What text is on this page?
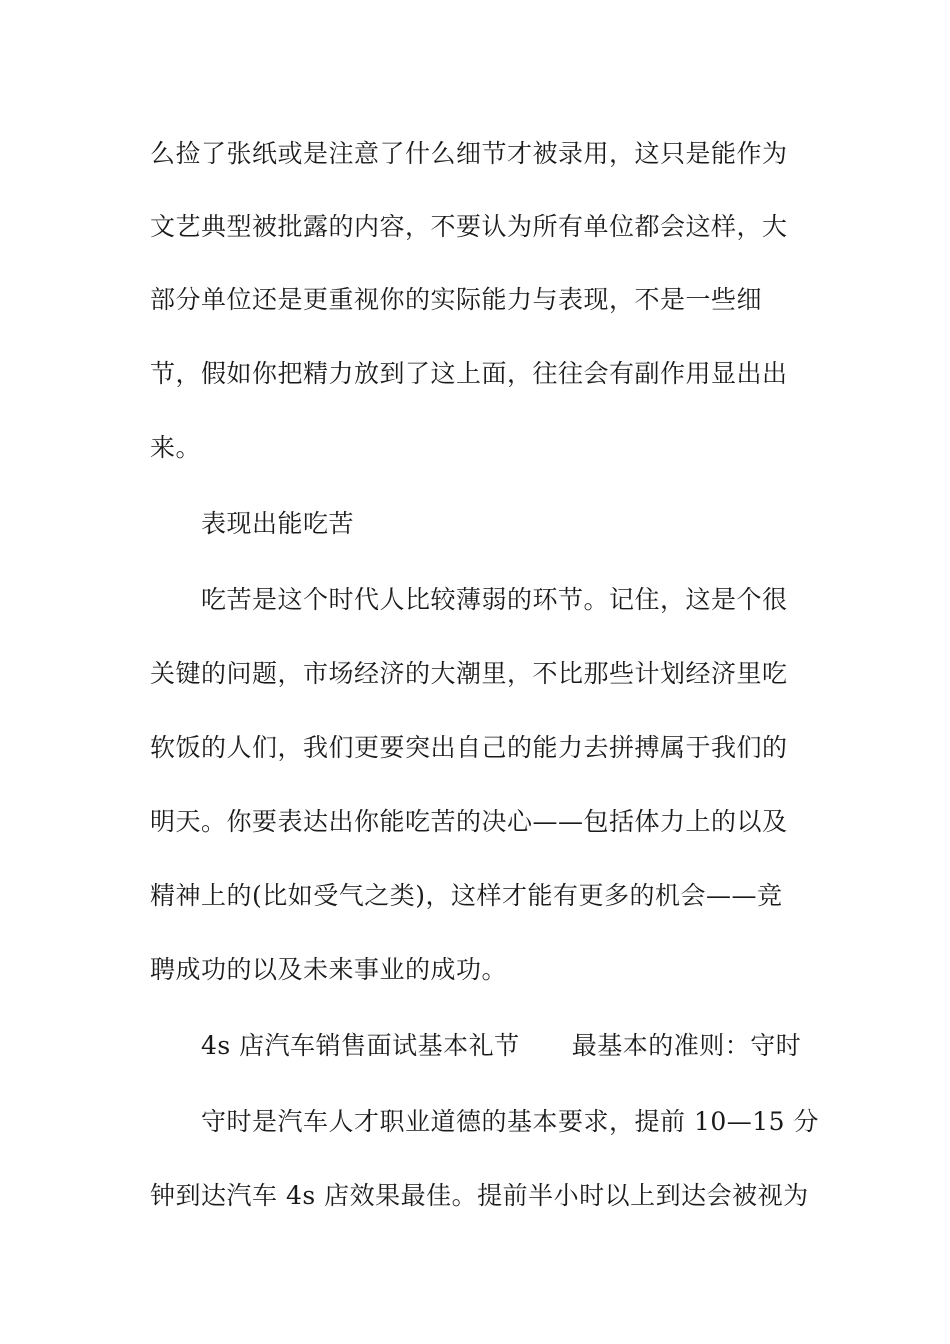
么捡了张纸或是注意了什么细节才被录用，这只是能作为
文艺典型被批露的内容，不要认为所有单位都会这样，大
部分单位还是更重视你的实际能力与表现，不是一些细
节，假如你把精力放到了这上面，往往会有副作用显出出
来。
表现出能吃苦
吃苦是这个时代人比较薄弱的环节。记住，这是个很
关键的问题，市场经济的大潮里，不比那些计划经济里吃
软饭的人们，我们更要突出自己的能力去拼搏属于我们的
明天。你要表达出你能吃苦的决心——包括体力上的以及
精神上的(比如受气之类)，这样才能有更多的机会——竞
聘成功的以及未来事业的成功。
4s 店汽车销售面试基本礼节 最基本的准则：守时
守时是汽车人才职业道德的基本要求，提前 10—15 分
钟到达汽车 4s 店效果最佳。提前半小时以上到达会被视为
